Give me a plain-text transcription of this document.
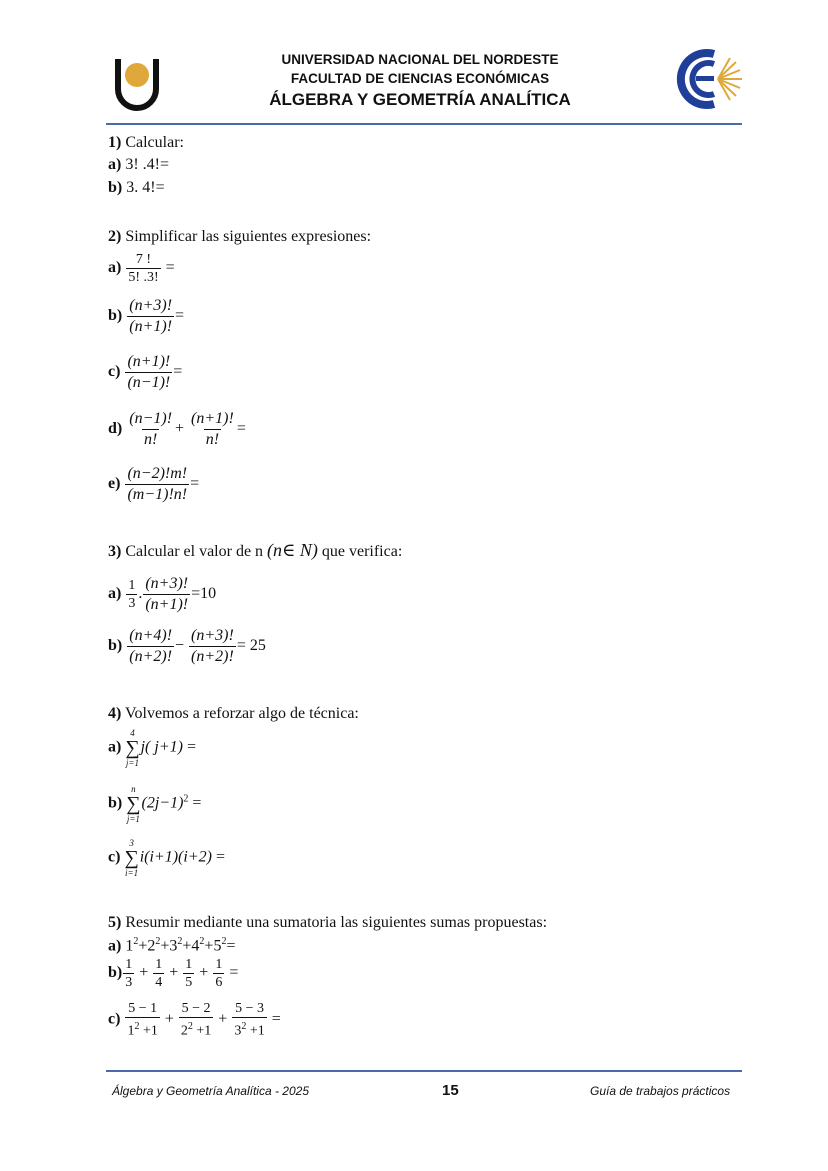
UNIVERSIDAD NACIONAL DEL NORDESTE
FACULTAD DE CIENCIAS ECONÓMICAS
ÁLGEBRA Y GEOMETRÍA ANALÍTICA
1) Calcular:
a) 3! .4!=
b) 3. 4!=
2) Simplificar las siguientes expresiones:
$a) \frac{7 !}{5! .3!}$ =
$b) \frac{(n+3)!}{(n+1)!}$ =
$c) \frac{(n+1)!}{(n-1)!}$ =
$d) \frac{(n-1)!}{n!} + \frac{(n+1)!}{n!}$ =
$e) \frac{(n-2)!m!}{(m-1)!n!}$ =
3) Calcular el valor de n (n∈ N) que verifica:
$a) \frac{1}{3}$ . $\frac{(n+3)!}{(n+1)!} =10$
$b) \frac{(n+4)!}{(n+2)!} - \frac{(n+3)!}{(n+2)!} = 25$
4) Volvemos a reforzar algo de técnica:
a)
4
∑
j=1
j( j+1) =
b)
n
∑
j=1
$(2j-1)^2$ =
c)
3
∑
i=1
i(i+1)(i+2) =
5) Resumir mediante una sumatoria las siguientes sumas propuestas:
a) $1^2+2^2+3^2+4^2+5^2=$
$b) \frac{1}{3} + \frac{1}{4} + \frac{1}{5} + \frac{1}{6}$ =
$c) \frac{5 - 1}{1^2 +1} + \frac{5 - 2}{2^2 +1} + \frac{5 - 3}{3^2 +1}$ =
Álgebra y Geometría Analítica - 2025	15	Guía de trabajos prácticos
